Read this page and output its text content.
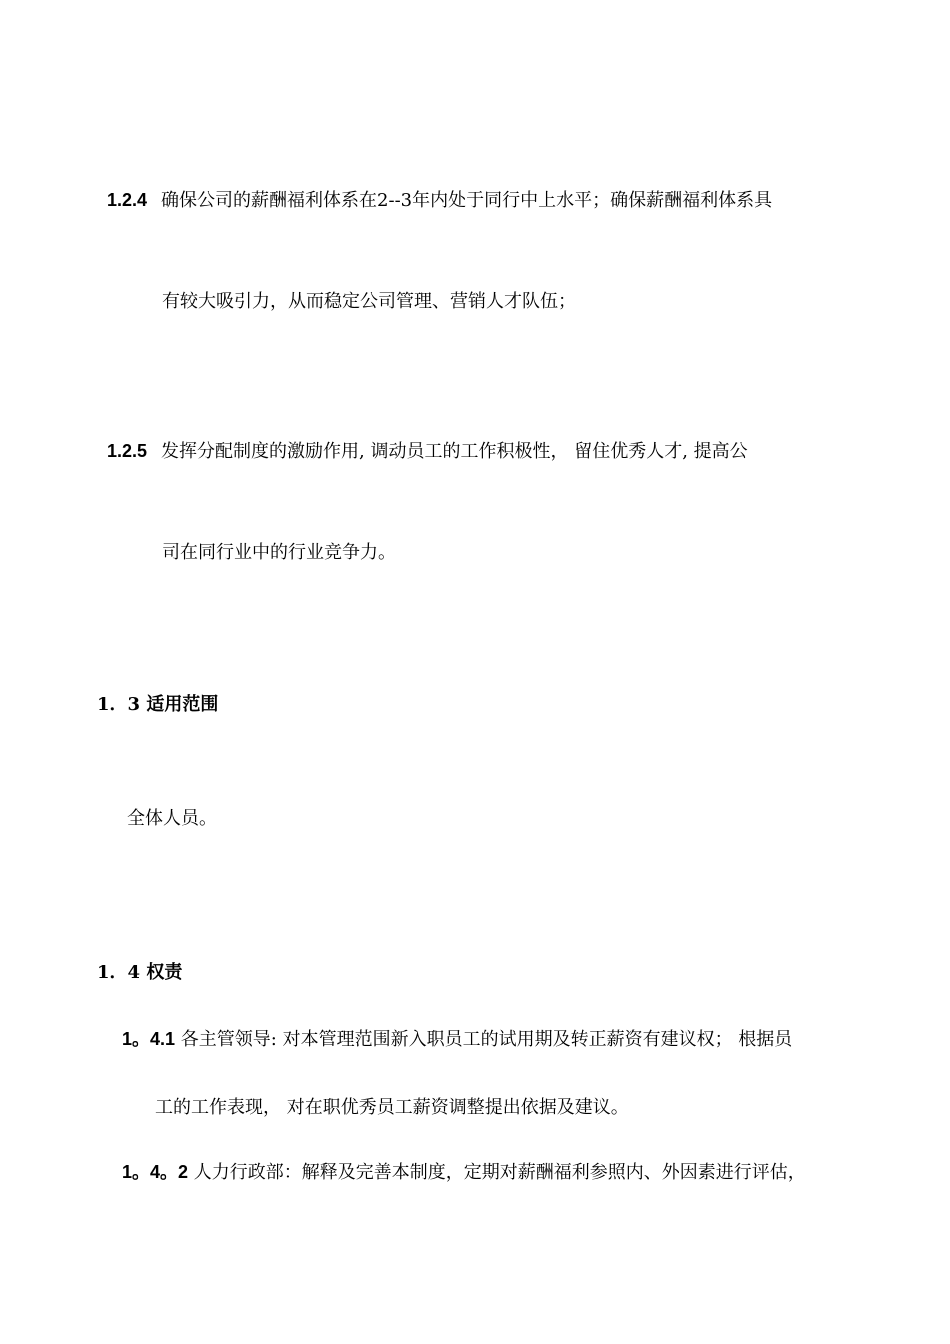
1.2.4 确保公司的薪酬福利体系在2--3年内处于同行中上水平；确保薪酬福利体系具
有较大吸引力，从而稳定公司管理、营销人才队伍；
1.2.5 发挥分配制度的激励作用, 调动员工的工作积极性， 留住优秀人才, 提高公
司在同行业中的行业竞争力。
1．3 适用范围
全体人员。
1．4 权责
1。4.1 各主管领导: 对本管理范围新入职员工的试用期及转正薪资有建议权； 根据员
工的工作表现， 对在职优秀员工薪资调整提出依据及建议。
1。4。2 人力行政部：解释及完善本制度，定期对薪酬福利参照内、外因素进行评估，
